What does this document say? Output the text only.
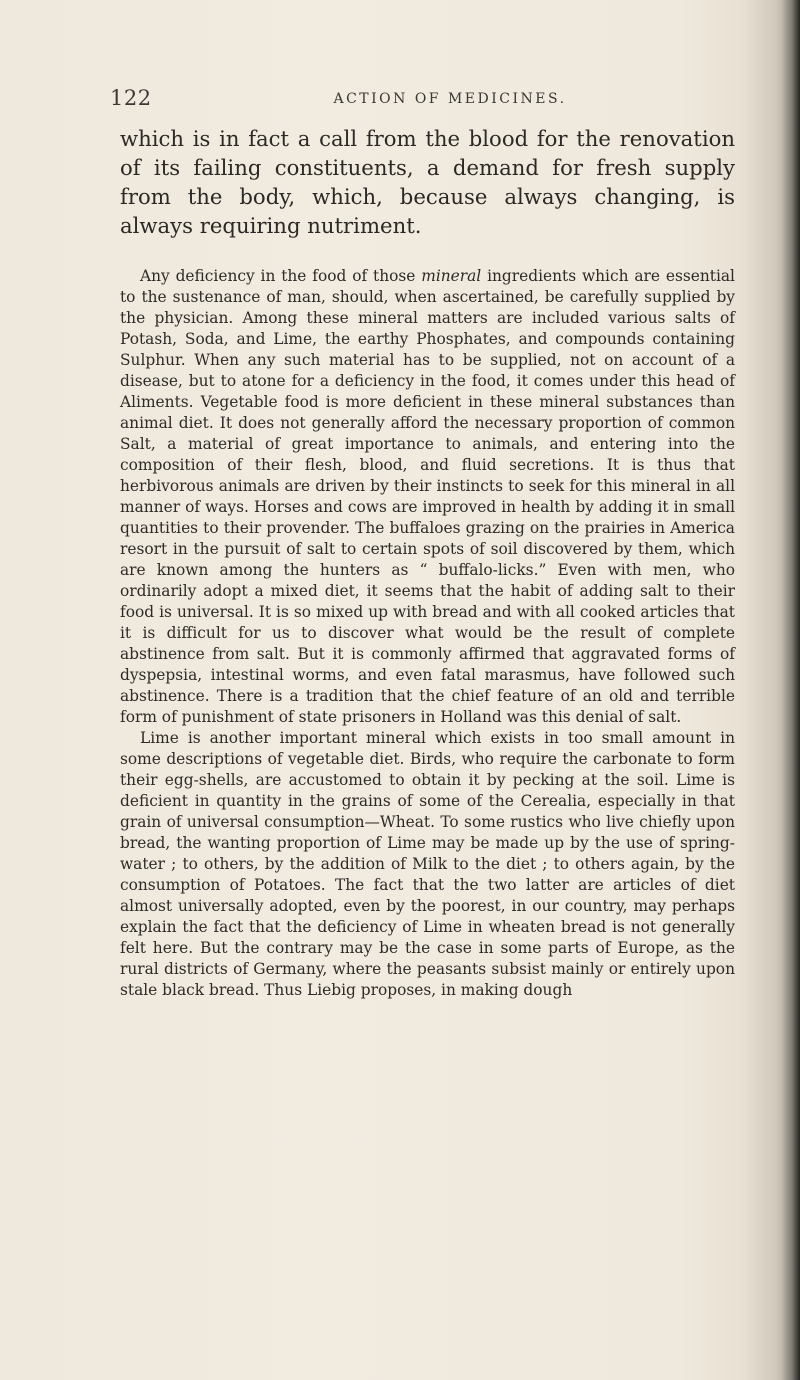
122	ACTION OF MEDICINES.

which is in fact a call from the blood for the renovation of its failing constituents, a demand for fresh supply from the body, which, because always changing, is always requiring nutriment.

Any deficiency in the food of those mineral ingredients which are essential to the sustenance of man, should, when ascertained, be carefully supplied by the physician. Among these mineral matters are included various salts of Potash, Soda, and Lime, the earthy Phosphates, and compounds containing Sulphur. When any such material has to be supplied, not on account of a disease, but to atone for a deficiency in the food, it comes under this head of Aliments. Vegetable food is more deficient in these mineral substances than animal diet. It does not generally afford the necessary proportion of common Salt, a material of great importance to animals, and entering into the composition of their flesh, blood, and fluid secretions. It is thus that herbivorous animals are driven by their instincts to seek for this mineral in all manner of ways. Horses and cows are improved in health by adding it in small quantities to their provender. The buffaloes grazing on the prairies in America resort in the pursuit of salt to certain spots of soil discovered by them, which are known among the hunters as “ buffalo-licks.” Even with men, who ordinarily adopt a mixed diet, it seems that the habit of adding salt to their food is universal. It is so mixed up with bread and with all cooked articles that it is difficult for us to discover what would be the result of complete abstinence from salt. But it is commonly affirmed that aggravated forms of dyspepsia, intestinal worms, and even fatal marasmus, have followed such abstinence. There is a tradition that the chief feature of an old and terrible form of punishment of state prisoners in Holland was this denial of salt.

Lime is another important mineral which exists in too small amount in some descriptions of vegetable diet. Birds, who require the carbonate to form their egg-shells, are accustomed to obtain it by pecking at the soil. Lime is deficient in quantity in the grains of some of the Cerealia, especially in that grain of universal consumption—Wheat. To some rustics who live chiefly upon bread, the wanting proportion of Lime may be made up by the use of spring-water ; to others, by the addition of Milk to the diet ; to others again, by the consumption of Potatoes. The fact that the two latter are articles of diet almost universally adopted, even by the poorest, in our country, may perhaps explain the fact that the deficiency of Lime in wheaten bread is not generally felt here. But the contrary may be the case in some parts of Europe, as the rural districts of Germany, where the peasants subsist mainly or entirely upon stale black bread. Thus Liebig proposes, in making dough
